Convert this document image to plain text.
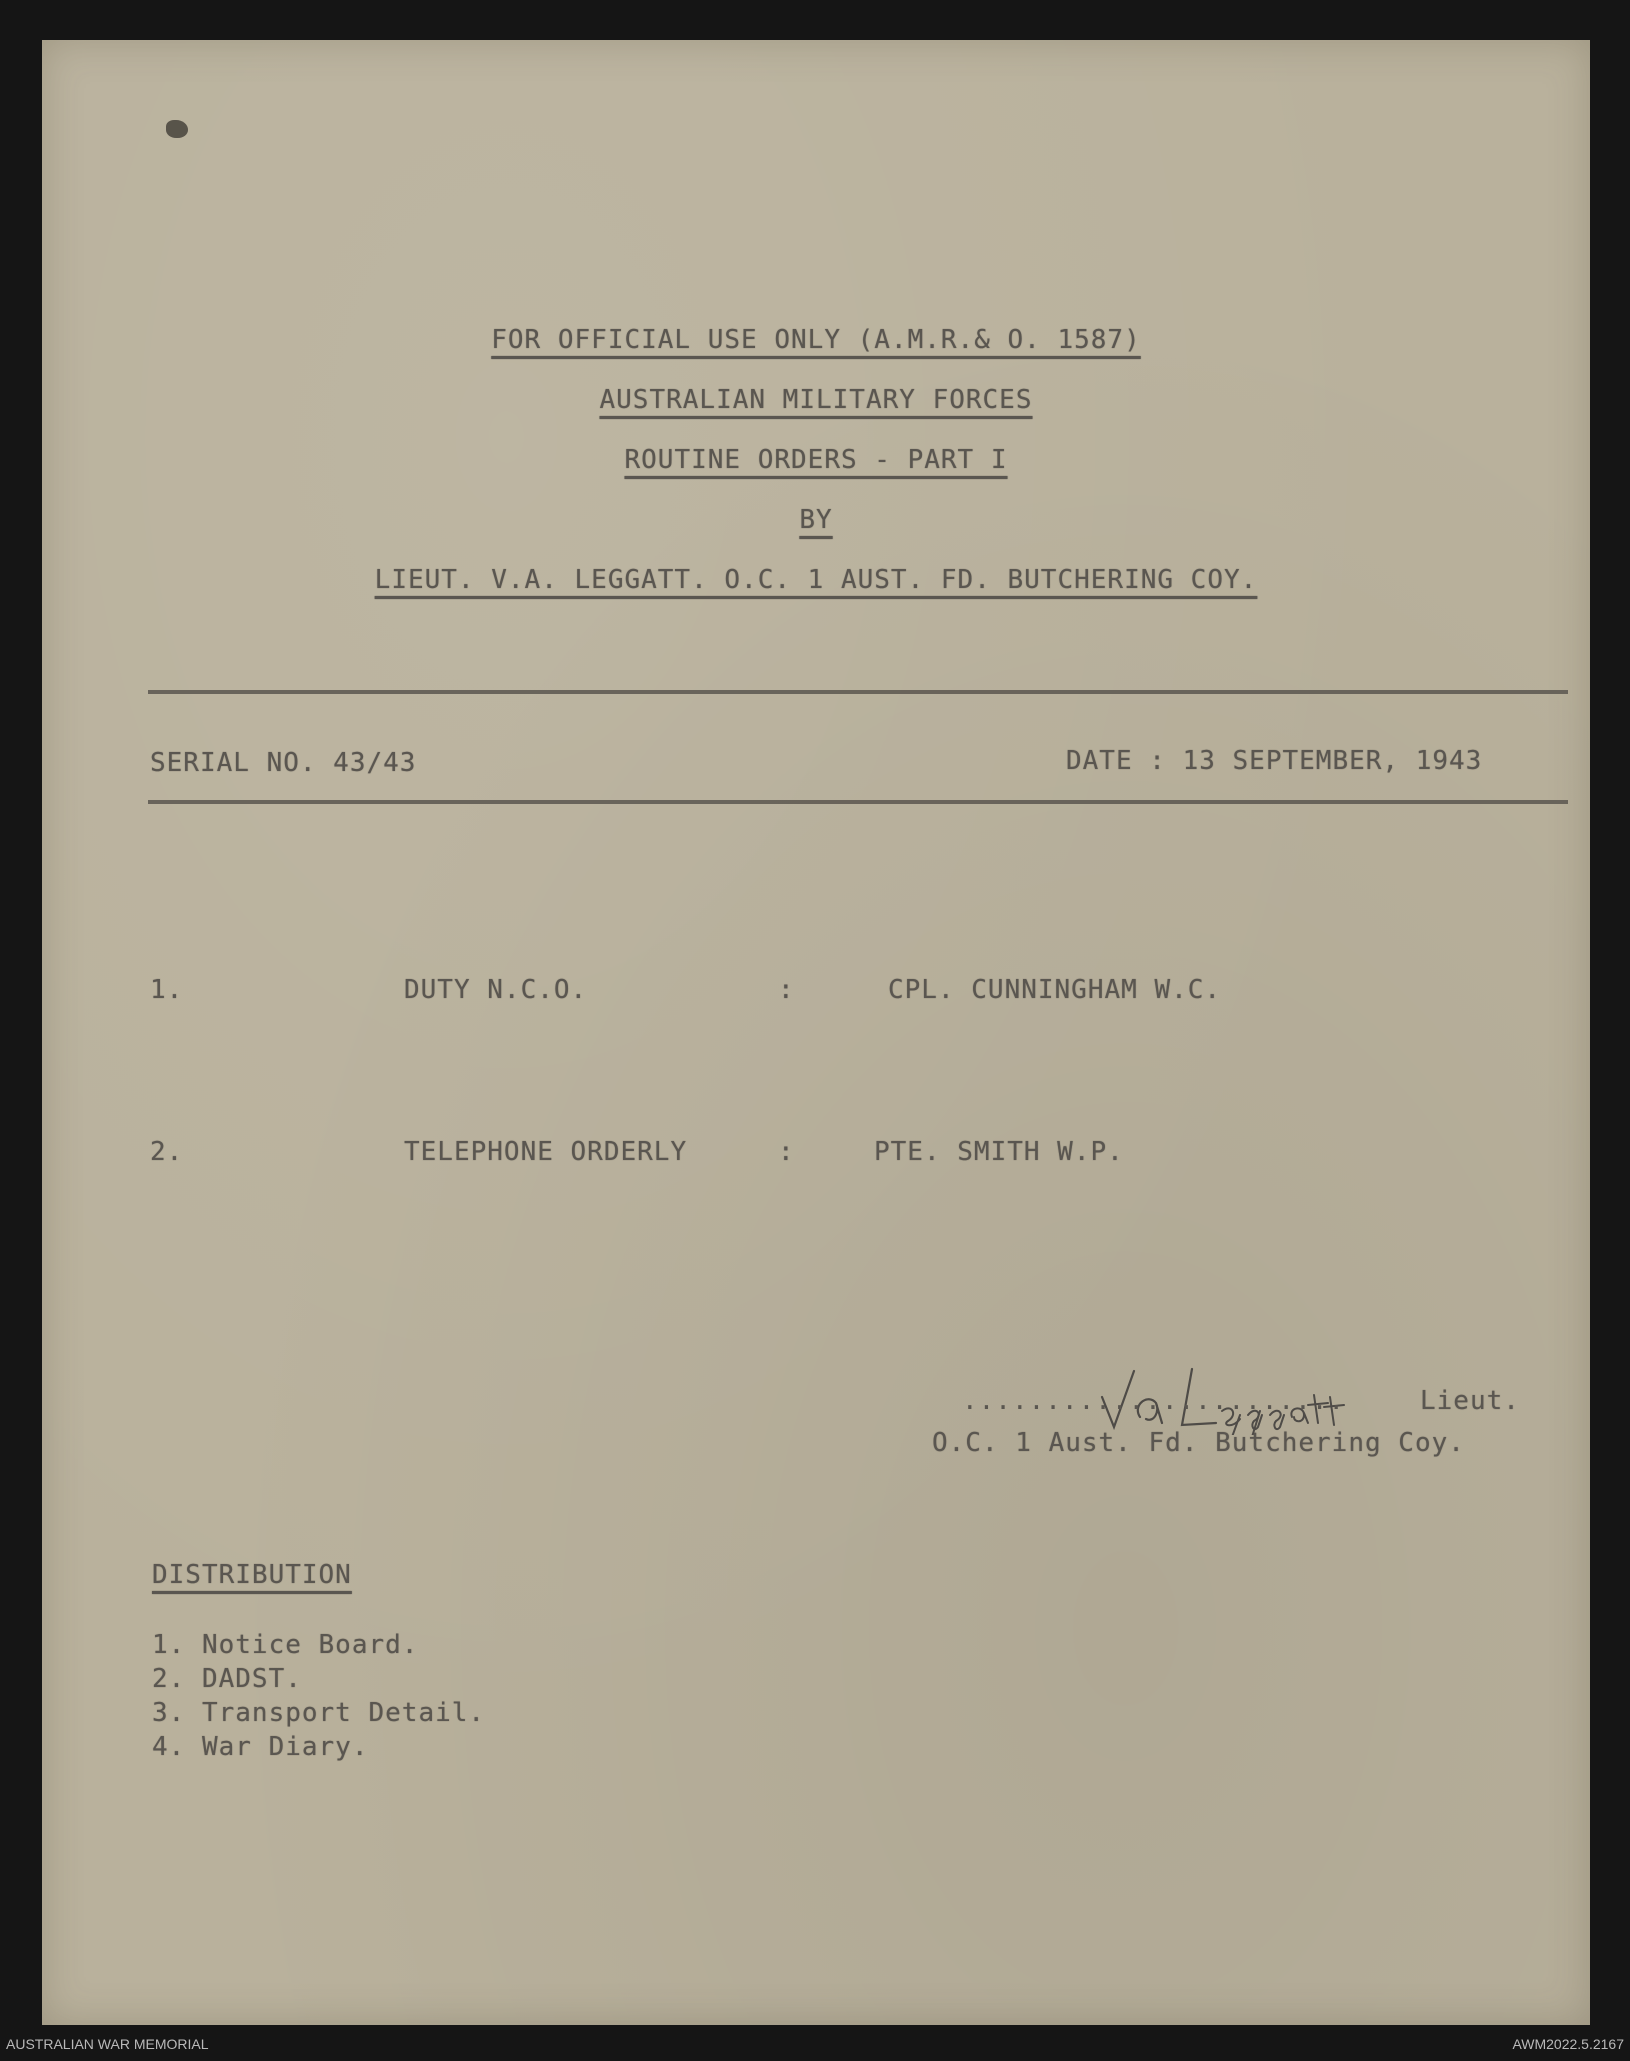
FOR OFFICIAL USE ONLY (A.M.R.& O. 1587)
AUSTRALIAN MILITARY FORCES
ROUTINE ORDERS - PART I
BY
LIEUT. V.A. LEGGATT. O.C. 1 AUST. FD. BUTCHERING COY.
SERIAL NO. 43/43	DATE : 13 SEPTEMBER, 1943
1.	DUTY N.C.O.	:	CPL. CUNNINGHAM W.C.
2.	TELEPHONE ORDERLY	:	PTE. SMITH W.P.
.......................	Lieut.
O.C. 1 Aust. Fd. Butchering Coy.
DISTRIBUTION
1. Notice Board.
2. DADST.
3. Transport Detail.
4. War Diary.
AUSTRALIAN WAR MEMORIAL	AWM2022.5.2167
